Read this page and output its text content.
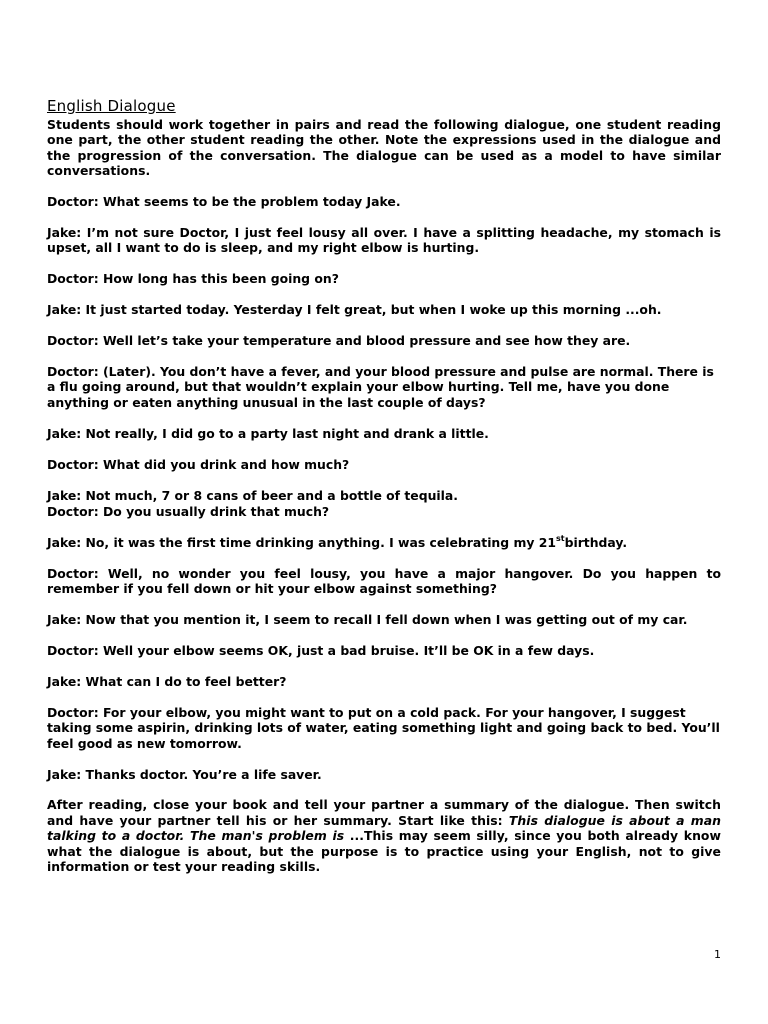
English Dialogue

Students should work together in pairs and read the following dialogue, one student reading one part, the other student reading the other. Note the expressions used in the dialogue and the progression of the conversation. The dialogue can be used as a model to have similar conversations.

Doctor: What seems to be the problem today Jake.

Jake: I’m not sure Doctor, I just feel lousy all over. I have a splitting headache, my stomach is upset, all I want to do is sleep, and my right elbow is hurting.

Doctor: How long has this been going on?

Jake: It just started today. Yesterday I felt great, but when I woke up this morning ...oh.

Doctor: Well let’s take your temperature and blood pressure and see how they are.

Doctor: (Later). You don’t have a fever, and your blood pressure and pulse are normal. There is a flu going around, but that wouldn’t explain your elbow hurting. Tell me, have you done anything or eaten anything unusual in the last couple of days?

Jake: Not really, I did go to a party last night and drank a little.

Doctor: What did you drink and how much?

Jake: Not much, 7 or 8 cans of beer and a bottle of tequila.

Doctor: Do you usually drink that much?

Jake: No, it was the first time drinking anything. I was celebrating my 21stbirthday.

Doctor: Well, no wonder you feel lousy, you have a major hangover. Do you happen to remember if you fell down or hit your elbow against something?

Jake: Now that you mention it, I seem to recall I fell down when I was getting out of my car.

Doctor: Well your elbow seems OK, just a bad bruise. It’ll be OK in a few days.

Jake: What can I do to feel better?

Doctor: For your elbow, you might want to put on a cold pack. For your hangover, I suggest taking some aspirin, drinking lots of water, eating something light and going back to bed. You’ll feel good as new tomorrow.

Jake: Thanks doctor. You’re a life saver.

After reading, close your book and tell your partner a summary of the dialogue. Then switch and have your partner tell his or her summary. Start like this: This dialogue is about a man talking to a doctor. The man's problem is ...This may seem silly, since you both already know what the dialogue is about, but the purpose is to practice using your English, not to give information or test your reading skills.

1
